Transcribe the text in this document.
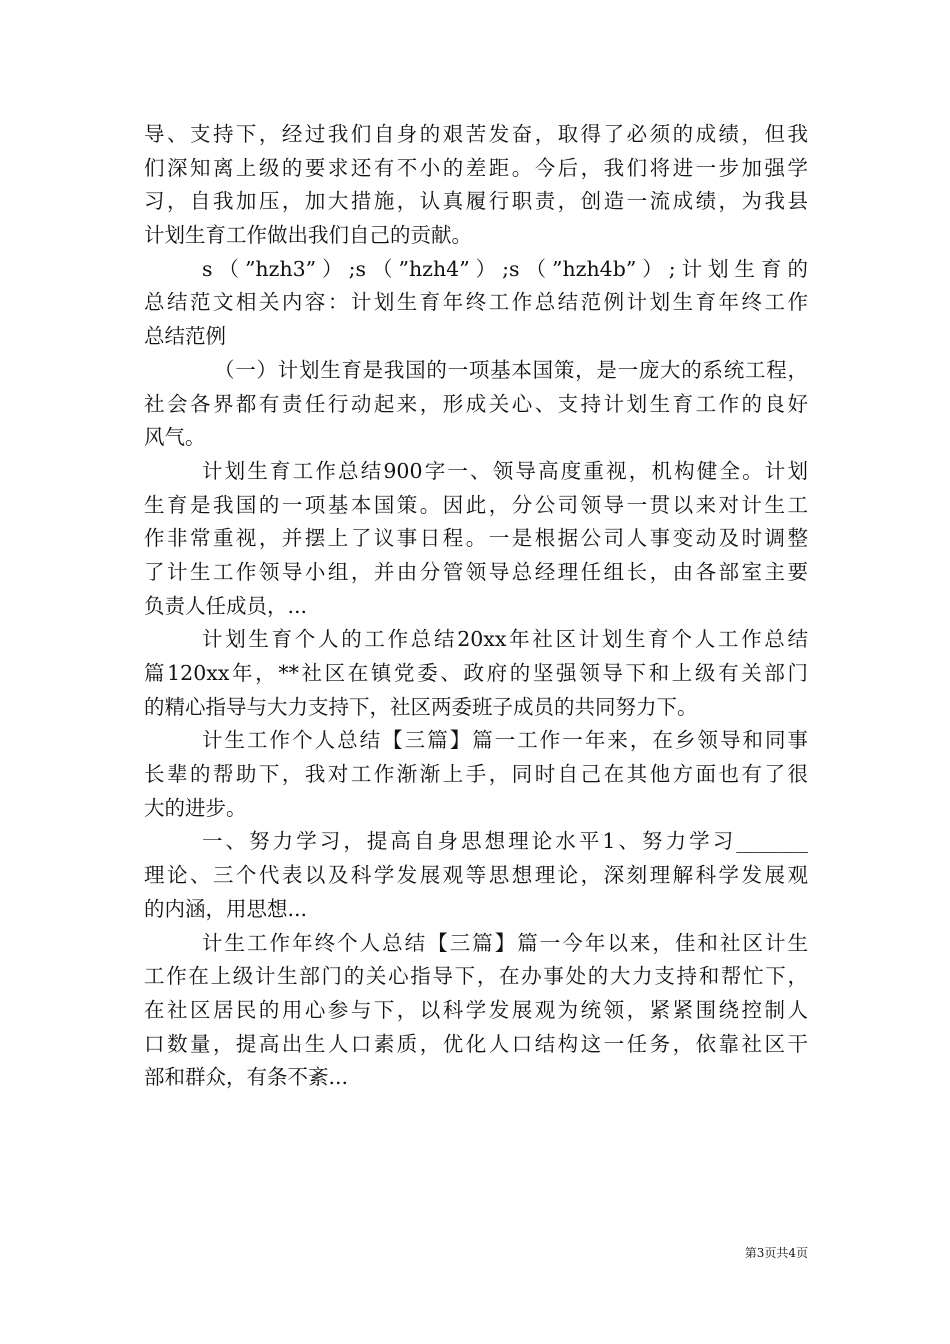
导、支持下，经过我们自身的艰苦发奋，取得了必须的成绩，但我
们深知离上级的要求还有不小的差距。今后，我们将进一步加强学
习，自我加压，加大措施，认真履行职责，创造一流成绩，为我县
计划生育工作做出我们自己的贡献。
s（”hzh3”）;s（”hzh4”）;s（”hzh4b”）;计划生育的
总结范文相关内容：计划生育年终工作总结范例计划生育年终工作
总结范例
（一）计划生育是我国的一项基本国策，是一庞大的系统工程，
社会各界都有责任行动起来，形成关心、支持计划生育工作的良好
风气。
计划生育工作总结900字一、领导高度重视，机构健全。计划
生育是我国的一项基本国策。因此，分公司领导一贯以来对计生工
作非常重视，并摆上了议事日程。一是根据公司人事变动及时调整
了计生工作领导小组，并由分管领导总经理任组长，由各部室主要
负责人任成员，...
计划生育个人的工作总结20xx年社区计划生育个人工作总结
篇120xx年，**社区在镇党委、政府的坚强领导下和上级有关部门
的精心指导与大力支持下，社区两委班子成员的共同努力下。
计生工作个人总结【三篇】篇一工作一年来，在乡领导和同事
长辈的帮助下，我对工作渐渐上手，同时自己在其他方面也有了很
大的进步。
一、努力学习，提高自身思想理论水平1、努力学习_______
理论、三个代表以及科学发展观等思想理论，深刻理解科学发展观
的内涵，用思想...
计生工作年终个人总结【三篇】篇一今年以来，佳和社区计生
工作在上级计生部门的关心指导下，在办事处的大力支持和帮忙下，
在社区居民的用心参与下，以科学发展观为统领，紧紧围绕控制人
口数量，提高出生人口素质，优化人口结构这一任务，依靠社区干
部和群众，有条不紊...
第3页共4页
